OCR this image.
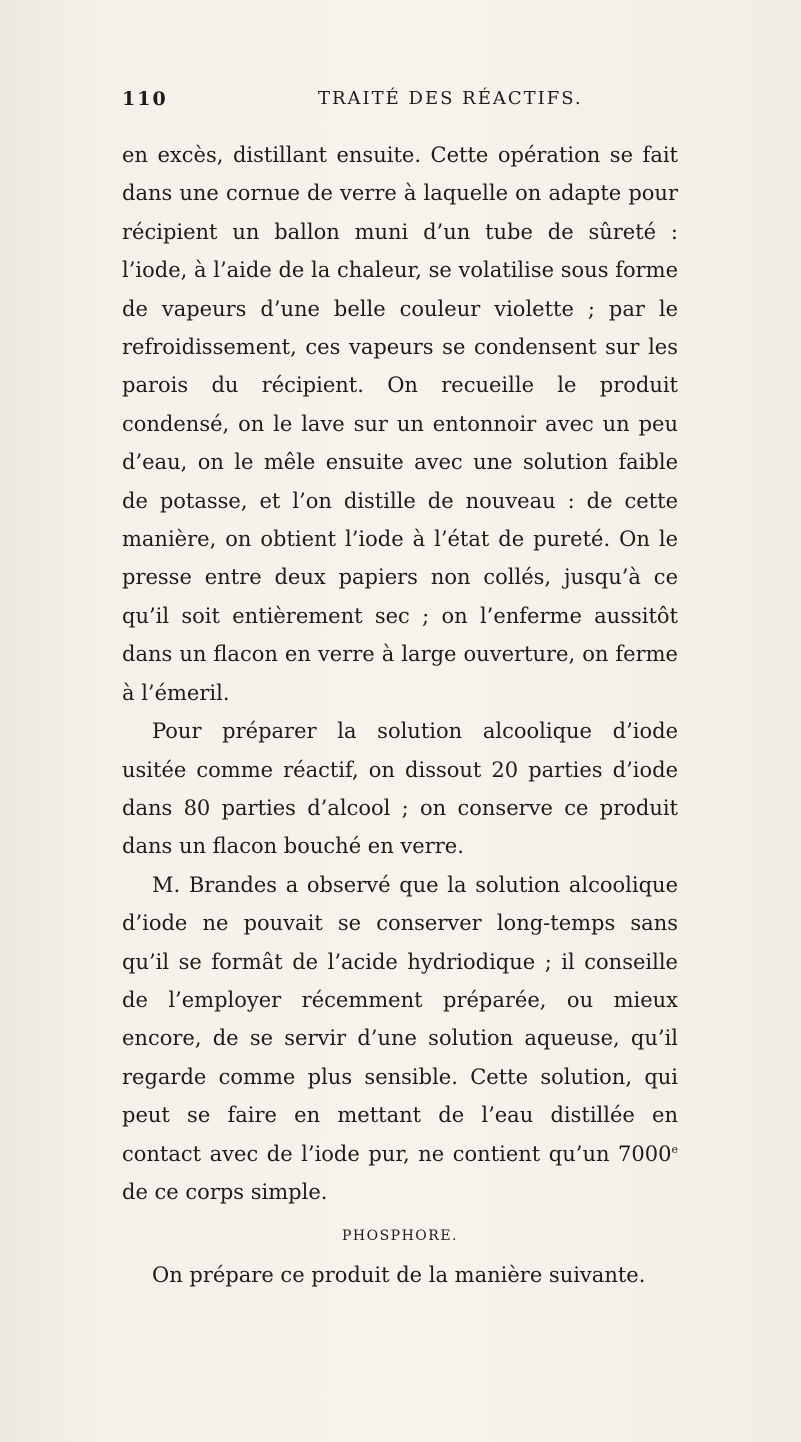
110	TRAITÉ DES RÉACTIFS.

en excès, distillant ensuite. Cette opération se fait dans une cornue de verre à laquelle on adapte pour récipient un ballon muni d’un tube de sûreté : l’iode, à l’aide de la chaleur, se volatilise sous forme de vapeurs d’une belle couleur violette ; par le refroidissement, ces vapeurs se condensent sur les parois du récipient. On recueille le produit condensé, on le lave sur un entonnoir avec un peu d’eau, on le mêle ensuite avec une solution faible de potasse, et l’on distille de nouveau : de cette manière, on obtient l’iode à l’état de pureté. On le presse entre deux papiers non collés, jusqu’à ce qu’il soit entièrement sec ; on l’enferme aussitôt dans un flacon en verre à large ouverture, on ferme à l’émeril.

Pour préparer la solution alcoolique d’iode usitée comme réactif, on dissout 20 parties d’iode dans 80 parties d’alcool ; on conserve ce produit dans un flacon bouché en verre.

M. Brandes a observé que la solution alcoolique d’iode ne pouvait se conserver long-temps sans qu’il se formât de l’acide hydriodique ; il conseille de l’employer récemment préparée, ou mieux encore, de se servir d’une solution aqueuse, qu’il regarde comme plus sensible. Cette solution, qui peut se faire en mettant de l’eau distillée en contact avec de l’iode pur, ne contient qu’un 7000e de ce corps simple.

PHOSPHORE.

On prépare ce produit de la manière suivante.
